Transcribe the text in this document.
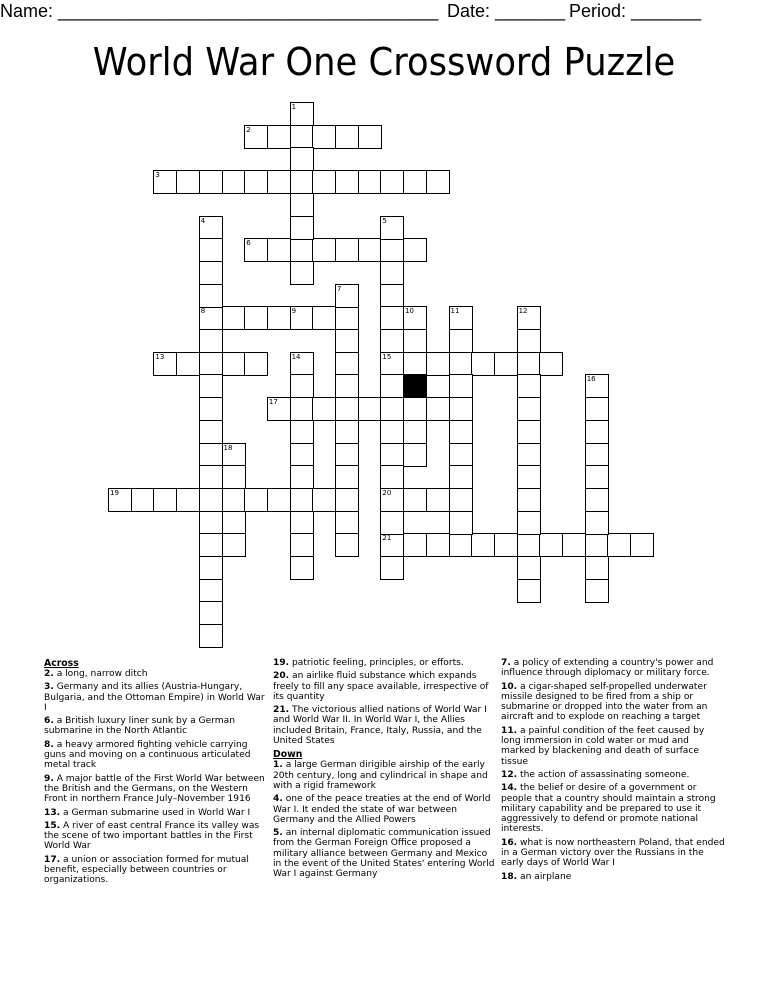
Name: ______________________________________ Date: _______ Period: _______
World War One Crossword Puzzle
2
3
6
8	9
13	15
17
19	20
21
1
4	5
7
10	11	12
14
16
18
Across

2. a long, narrow ditch

3. Germany and its allies (Austria-Hungary, Bulgaria, and the Ottoman Empire) in World War I

6. a British luxury liner sunk by a German submarine in the North Atlantic

8. a heavy armored fighting vehicle carrying guns and moving on a continuous articulated metal track

9. A major battle of the First World War between the British and the Germans, on the Western Front in northern France July–November 1916

13. a German submarine used in World War I

15. A river of east central France its valley was the scene of two important battles in the First World War

17. a union or association formed for mutual benefit, especially between countries or organizations.

19. patriotic feeling, principles, or efforts.

20. an airlike fluid substance which expands freely to fill any space available, irrespective of its quantity

21. The victorious allied nations of World War I and World War II. In World War I, the Allies included Britain, France, Italy, Russia, and the United States

Down

1. a large German dirigible airship of the early 20th century, long and cylindrical in shape and with a rigid framework

4. one of the peace treaties at the end of World War I. It ended the state of war between Germany and the Allied Powers

5. an internal diplomatic communication issued from the German Foreign Office proposed a military alliance between Germany and Mexico in the event of the United States' entering World War I against Germany

7. a policy of extending a country's power and influence through diplomacy or military force.

10. a cigar-shaped self-propelled underwater missile designed to be fired from a ship or submarine or dropped into the water from an aircraft and to explode on reaching a target

11. a painful condition of the feet caused by long immersion in cold water or mud and marked by blackening and death of surface tissue

12. the action of assassinating someone.

14. the belief or desire of a government or people that a country should maintain a strong military capability and be prepared to use it aggressively to defend or promote national interests.

16. what is now northeastern Poland, that ended in a German victory over the Russians in the early days of World War I

18. an airplane
